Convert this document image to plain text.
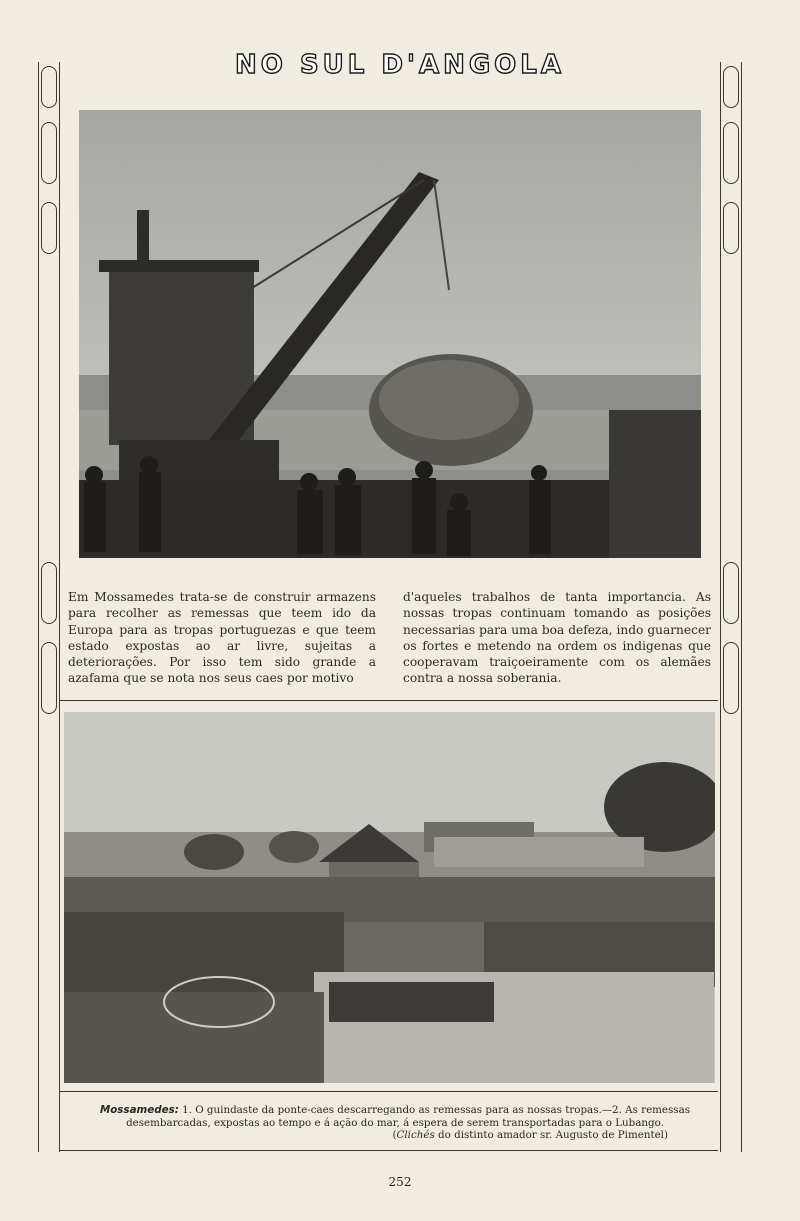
NO SUL D'ANGOLA
Em Mossamedes trata-se de construir armazens para recolher as remessas que teem ido da Europa para as tropas portuguezas e que teem estado expostas ao ar livre, sujeitas a deteriorações. Por isso tem sido grande a azafama que se nota nos seus caes por motivo
d'aqueles trabalhos de tanta importancia. As nossas tropas continuam tomando as posições necessarias para uma boa defeza, indo guarnecer os fortes e metendo na ordem os indigenas que cooperavam traiçoeiramente com os alemães contra a nossa soberania.
Mossamedes: 1. O guindaste da ponte-caes descarregando as remessas para as nossas tropas.—2. As remessas desembarcadas, expostas ao tempo e á ação do mar, á espera de serem transportadas para o Lubango.
(Clichés do distinto amador sr. Augusto de Pimentel)
252
